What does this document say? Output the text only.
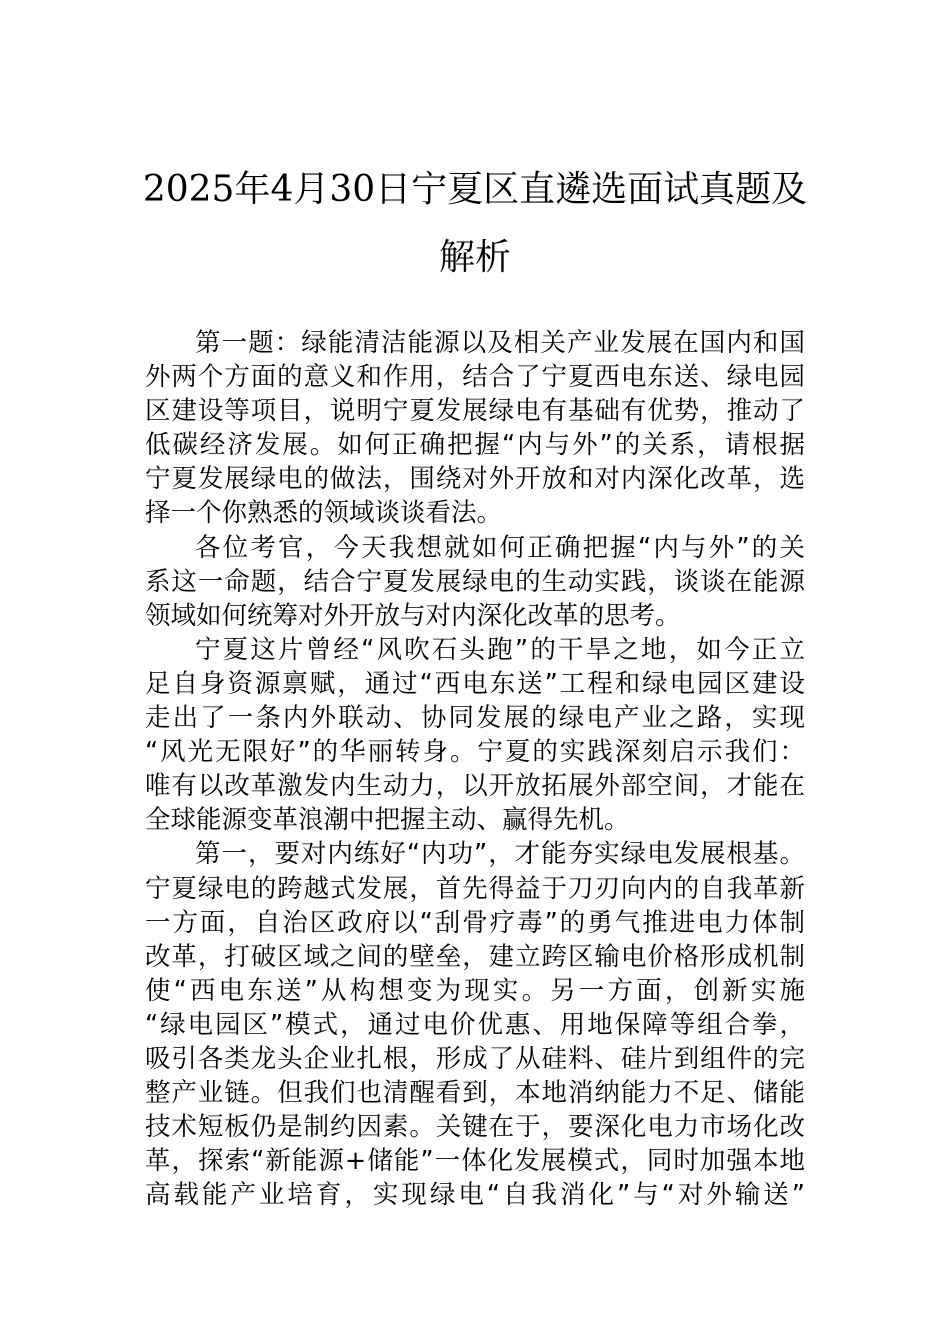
2025年4月30日宁夏区直遴选面试真题及
解析
第一题：绿能清洁能源以及相关产业发展在国内和国
外两个方面的意义和作用，结合了宁夏西电东送、绿电园
区建设等项目，说明宁夏发展绿电有基础有优势，推动了
低碳经济发展。如何正确把握“内与外”的关系，请根据
宁夏发展绿电的做法，围绕对外开放和对内深化改革，选
择一个你熟悉的领域谈谈看法。
各位考官，今天我想就如何正确把握“内与外”的关
系这一命题，结合宁夏发展绿电的生动实践，谈谈在能源
领域如何统筹对外开放与对内深化改革的思考。
宁夏这片曾经“风吹石头跑”的干旱之地，如今正立
足自身资源禀赋，通过“西电东送”工程和绿电园区建设
走出了一条内外联动、协同发展的绿电产业之路，实现
“风光无限好”的华丽转身。宁夏的实践深刻启示我们：
唯有以改革激发内生动力，以开放拓展外部空间，才能在
全球能源变革浪潮中把握主动、赢得先机。
第一，要对内练好“内功”，才能夯实绿电发展根基。
宁夏绿电的跨越式发展，首先得益于刀刃向内的自我革新
一方面，自治区政府以“刮骨疗毒”的勇气推进电力体制
改革，打破区域之间的壁垒，建立跨区输电价格形成机制
使“西电东送”从构想变为现实。另一方面，创新实施
“绿电园区”模式，通过电价优惠、用地保障等组合拳，
吸引各类龙头企业扎根，形成了从硅料、硅片到组件的完
整产业链。但我们也清醒看到，本地消纳能力不足、储能
技术短板仍是制约因素。关键在于，要深化电力市场化改
革，探索“新能源+储能”一体化发展模式，同时加强本地
高载能产业培育，实现绿电“自我消化”与“对外输送”
